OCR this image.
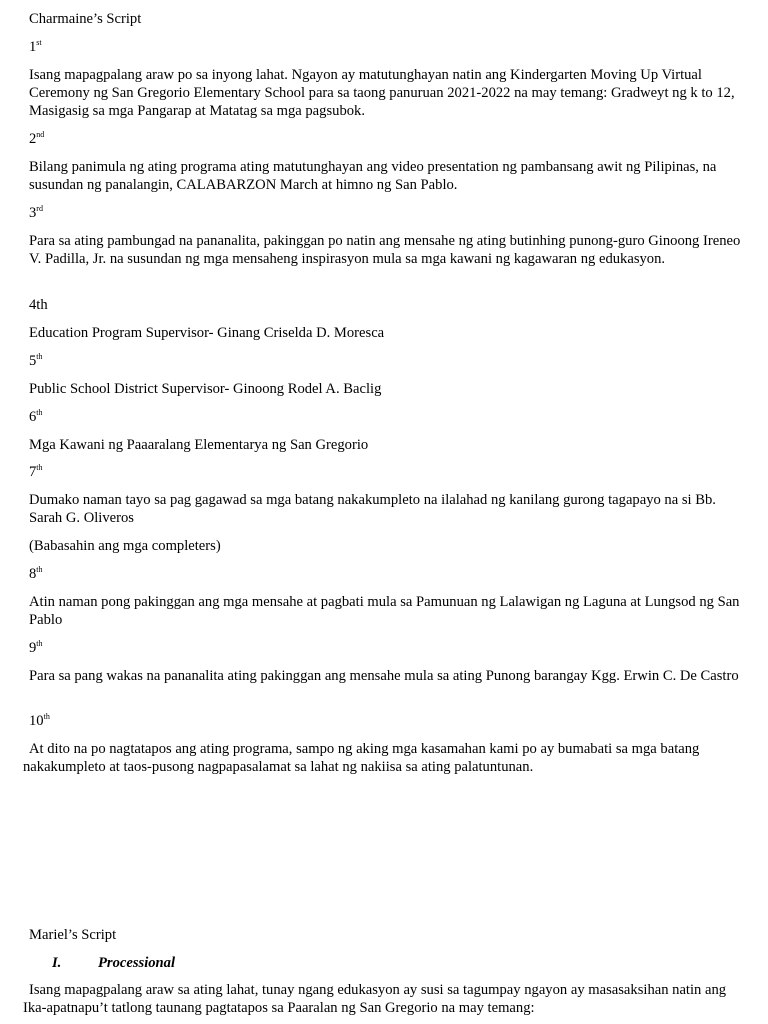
Charmaine’s Script

1st

Isang mapagpalang araw po sa inyong lahat. Ngayon ay matutunghayan natin ang Kindergarten Moving Up Virtual Ceremony ng San Gregorio Elementary School para sa taong panuruan 2021-2022 na may temang: Gradweyt ng k to 12, Masigasig sa mga Pangarap at Matatag sa mga pagsubok.

2nd

Bilang panimula ng ating programa ating matutunghayan ang video presentation ng pambansang awit ng Pilipinas, na susundan ng panalangin, CALABARZON March at himno ng San Pablo.

3rd

Para sa ating pambungad na pananalita, pakinggan po natin ang mensahe ng ating butinhing punong-guro Ginoong Ireneo V. Padilla, Jr. na susundan ng mga mensaheng inspirasyon mula sa mga kawani ng kagawaran ng edukasyon.

4th

Education Program Supervisor- Ginang Criselda D. Moresca

5th

Public School District Supervisor- Ginoong Rodel A. Baclig

6th

Mga Kawani ng Paaaralang Elementarya ng San Gregorio

7th

Dumako naman tayo sa pag gagawad sa mga batang nakakumpleto na ilalahad ng kanilang gurong tagapayo na si Bb. Sarah G. Oliveros

(Babasahin ang mga completers)

8th

Atin naman pong pakinggan ang mga mensahe at pagbati mula sa Pamunuan ng Lalawigan ng Laguna at Lungsod ng San Pablo

9th

Para sa pang wakas na pananalita ating pakinggan ang mensahe mula sa ating Punong barangay Kgg. Erwin C. De Castro

10th

At dito na po nagtatapos ang ating programa, sampo ng aking mga kasamahan kami po ay bumabati sa mga batang nakakumpleto at taos-pusong nagpapasalamat sa lahat ng nakiisa sa ating palatuntunan.

Mariel’s Script

I.	Processional

Isang mapagpalang araw sa ating lahat, tunay ngang edukasyon ay susi sa tagumpay ngayon ay masasaksihan natin ang Ika-apatnapu’t tatlong taunang pagtatapos sa Paaralan ng San Gregorio na may temang:
